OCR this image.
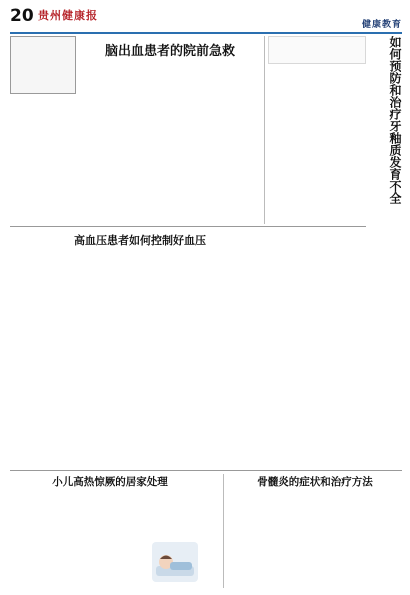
20 贵州健康报
健康教育
脑出血患者的院前急救	如何预防和治疗牙釉质发育不全
高血压患者如何控制好血压
小儿高热惊厥的居家处理	骨髓炎的症状和治疗方法
